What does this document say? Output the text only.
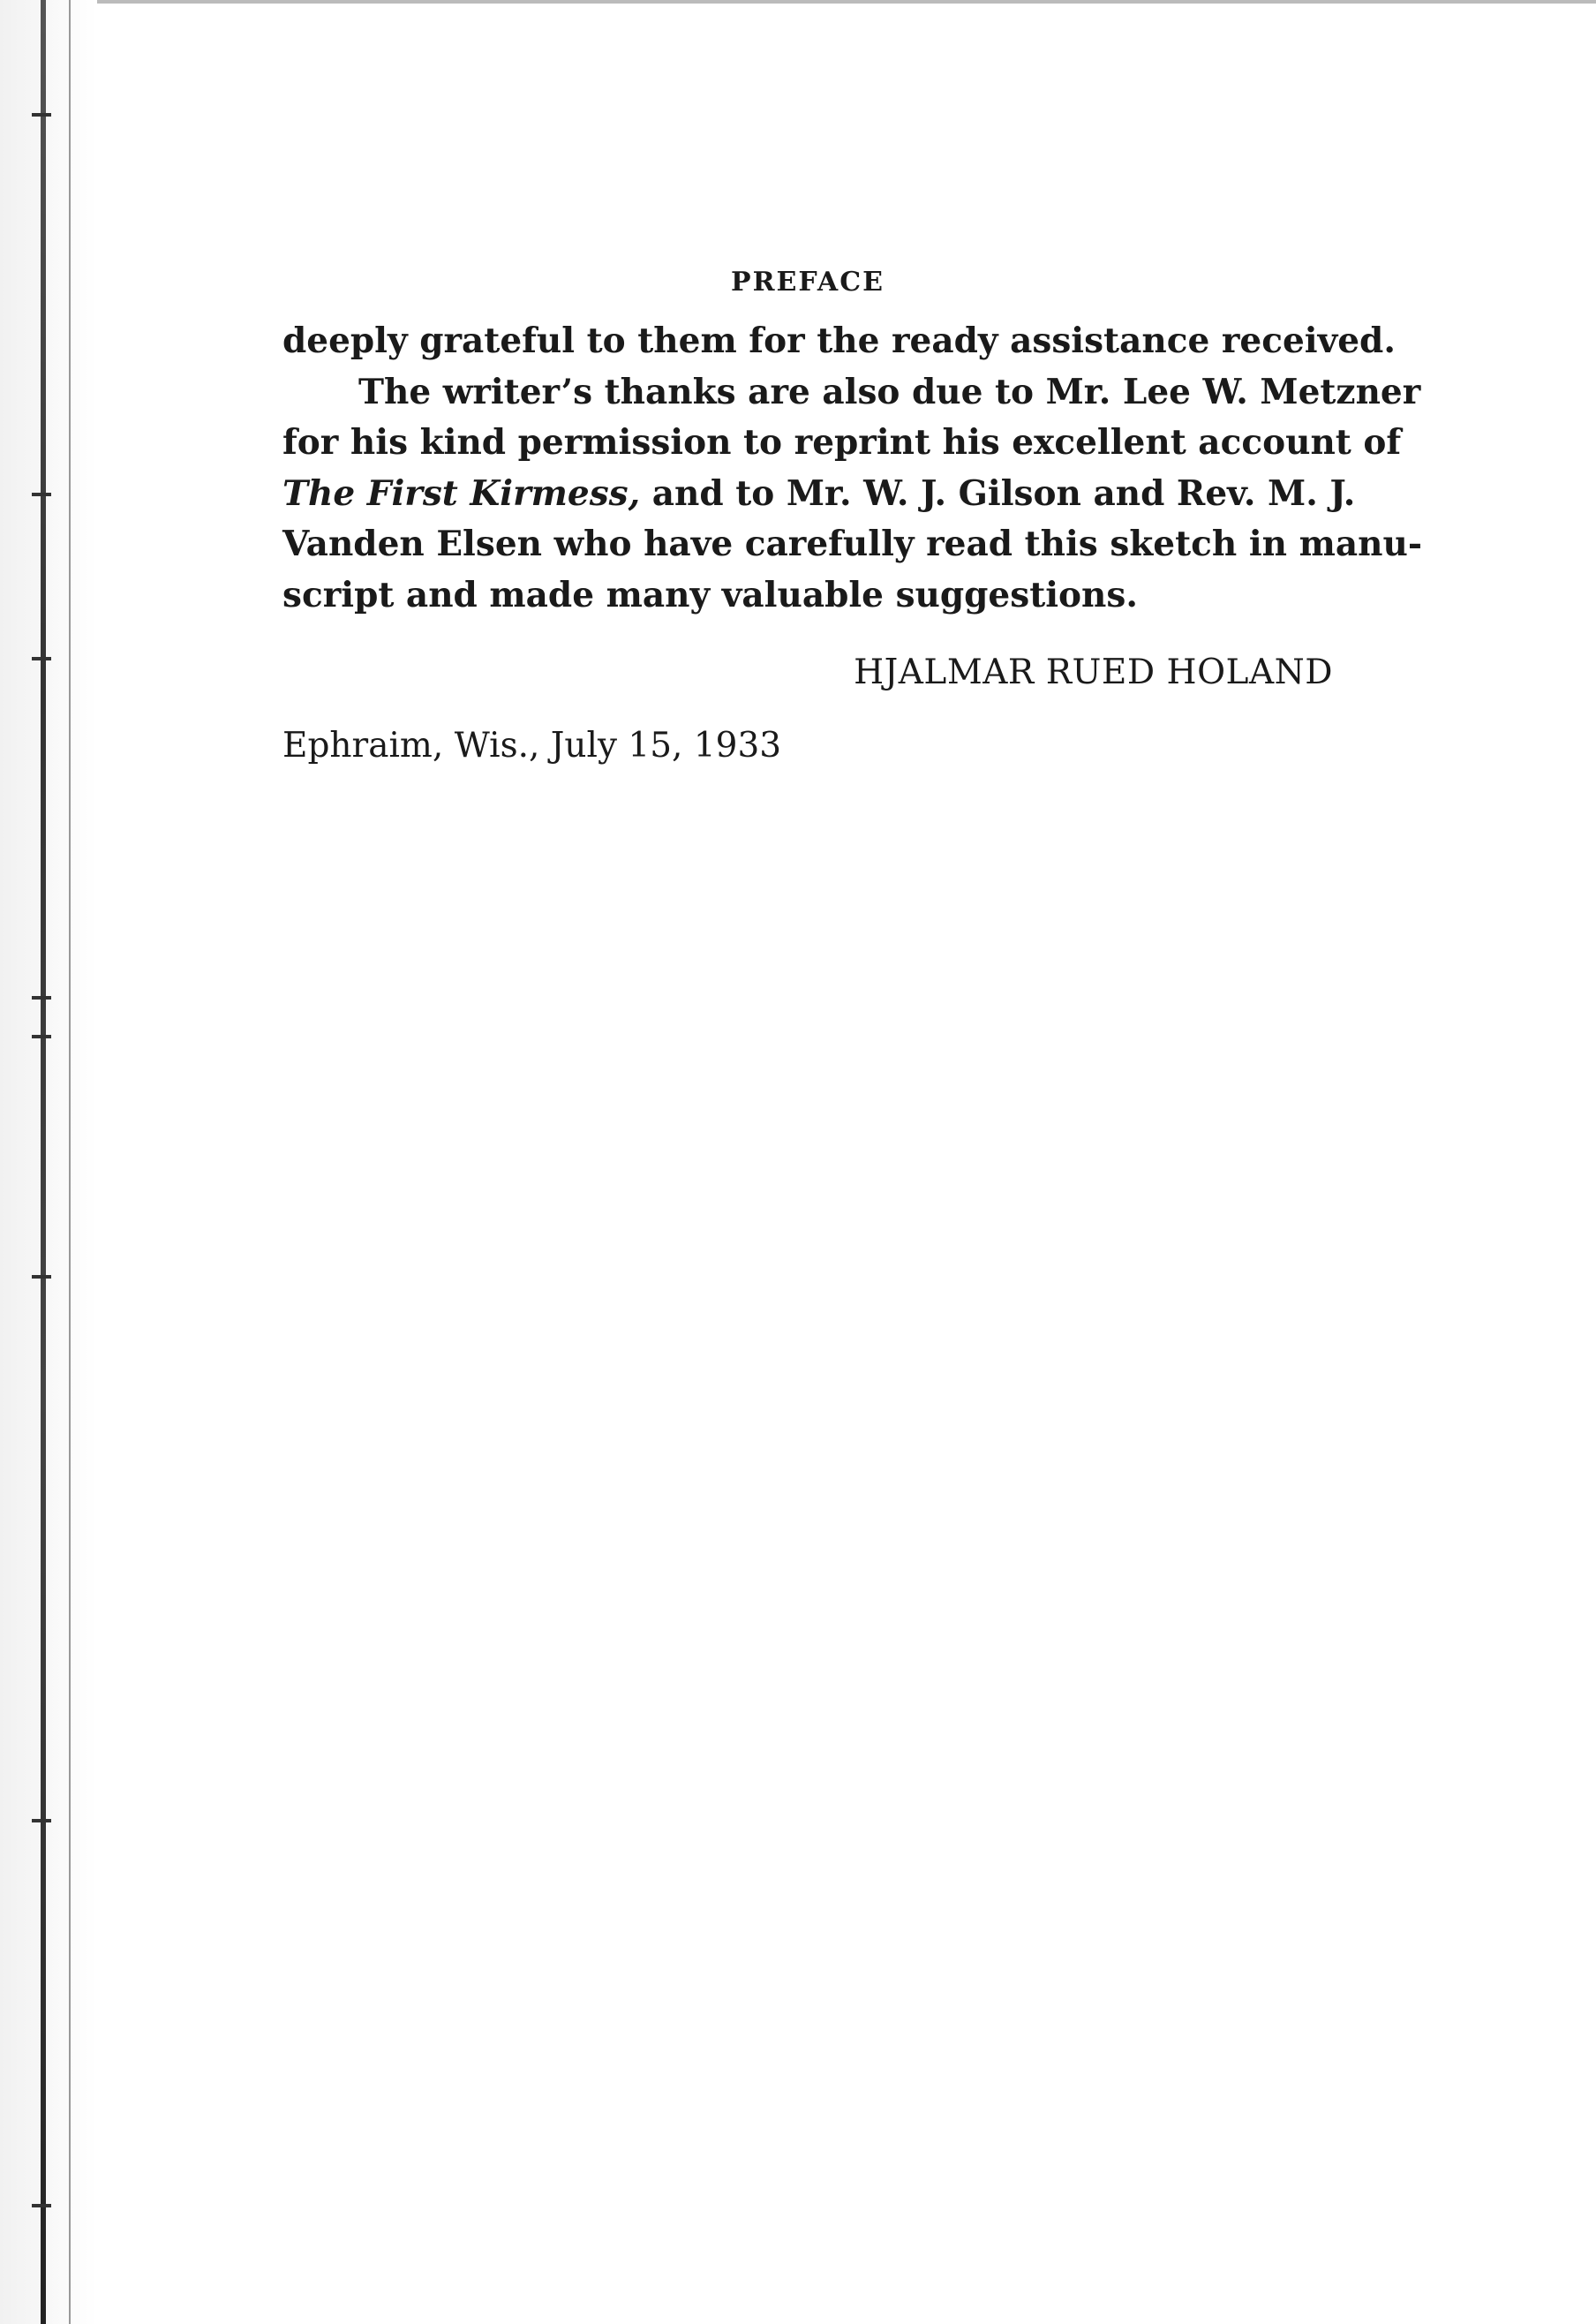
PREFACE

deeply grateful to them for the ready assistance received.

The writer’s thanks are also due to Mr. Lee W. Metzner
for his kind permission to reprint his excellent account of
The First Kirmess, and to Mr. W. J. Gilson and Rev. M. J.
Vanden Elsen who have carefully read this sketch in manu-
script and made many valuable suggestions.

HJALMAR RUED HOLAND
Ephraim, Wis., July 15, 1933
